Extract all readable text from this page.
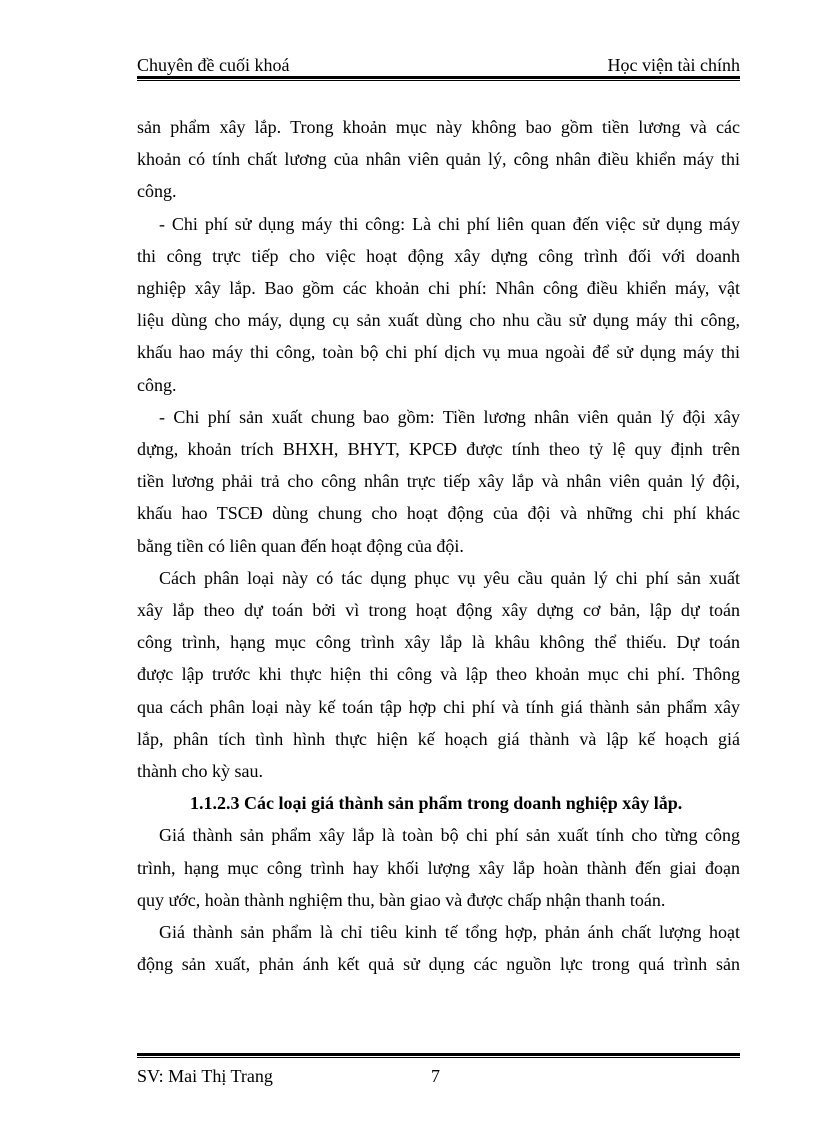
Chuyên đề cuối khoá	Học viện tài chính
sản phẩm xây lắp. Trong khoản mục này không bao gồm tiền lương và các
khoản có tính chất lương của nhân viên quản lý, công nhân điều khiển máy thi
công.
- Chi phí sử dụng máy thi công: Là chi phí liên quan đến việc sử dụng máy
thi công trực tiếp cho việc hoạt động xây dựng công trình đối với doanh
nghiệp xây lắp. Bao gồm các khoản chi phí: Nhân công điều khiển máy, vật
liệu dùng cho máy, dụng cụ sản xuất dùng cho nhu cầu sử dụng máy thi công,
khấu hao máy thi công, toàn bộ chi phí dịch vụ mua ngoài để sử dụng máy thi
công.
- Chi phí sản xuất chung bao gồm: Tiền lương nhân viên quản lý đội xây
dựng, khoản trích BHXH, BHYT, KPCĐ được tính theo tỷ lệ quy định trên
tiền lương phải trả cho công nhân trực tiếp xây lắp và nhân viên quản lý đội,
khấu hao TSCĐ dùng chung cho hoạt động của đội và những chi phí khác
bằng tiền có liên quan đến hoạt động của đội.
Cách phân loại này có tác dụng phục vụ yêu cầu quản lý chi phí sản xuất
xây lắp theo dự toán bởi vì trong hoạt động xây dựng cơ bản, lập dự toán
công trình, hạng mục công trình xây lắp là khâu không thể thiếu. Dự toán
được lập trước khi thực hiện thi công và lập theo khoản mục chi phí. Thông
qua cách phân loại này kế toán tập hợp chi phí và tính giá thành sản phẩm xây
lắp, phân tích tình hình thực hiện kế hoạch giá thành và lập kế hoạch giá
thành cho kỳ sau.
1.1.2.3 Các loại giá thành sản phẩm trong doanh nghiệp xây lắp.
Giá thành sản phẩm xây lắp là toàn bộ chi phí sản xuất tính cho từng công
trình, hạng mục công trình hay khối lượng xây lắp hoàn thành đến giai đoạn
quy ước, hoàn thành nghiệm thu, bàn giao và được chấp nhận thanh toán.
Giá thành sản phẩm là chỉ tiêu kinh tế tổng hợp, phản ánh chất lượng hoạt
động sản xuất, phản ánh kết quả sử dụng các nguồn lực trong quá trình sản
SV: Mai Thị Trang	7
